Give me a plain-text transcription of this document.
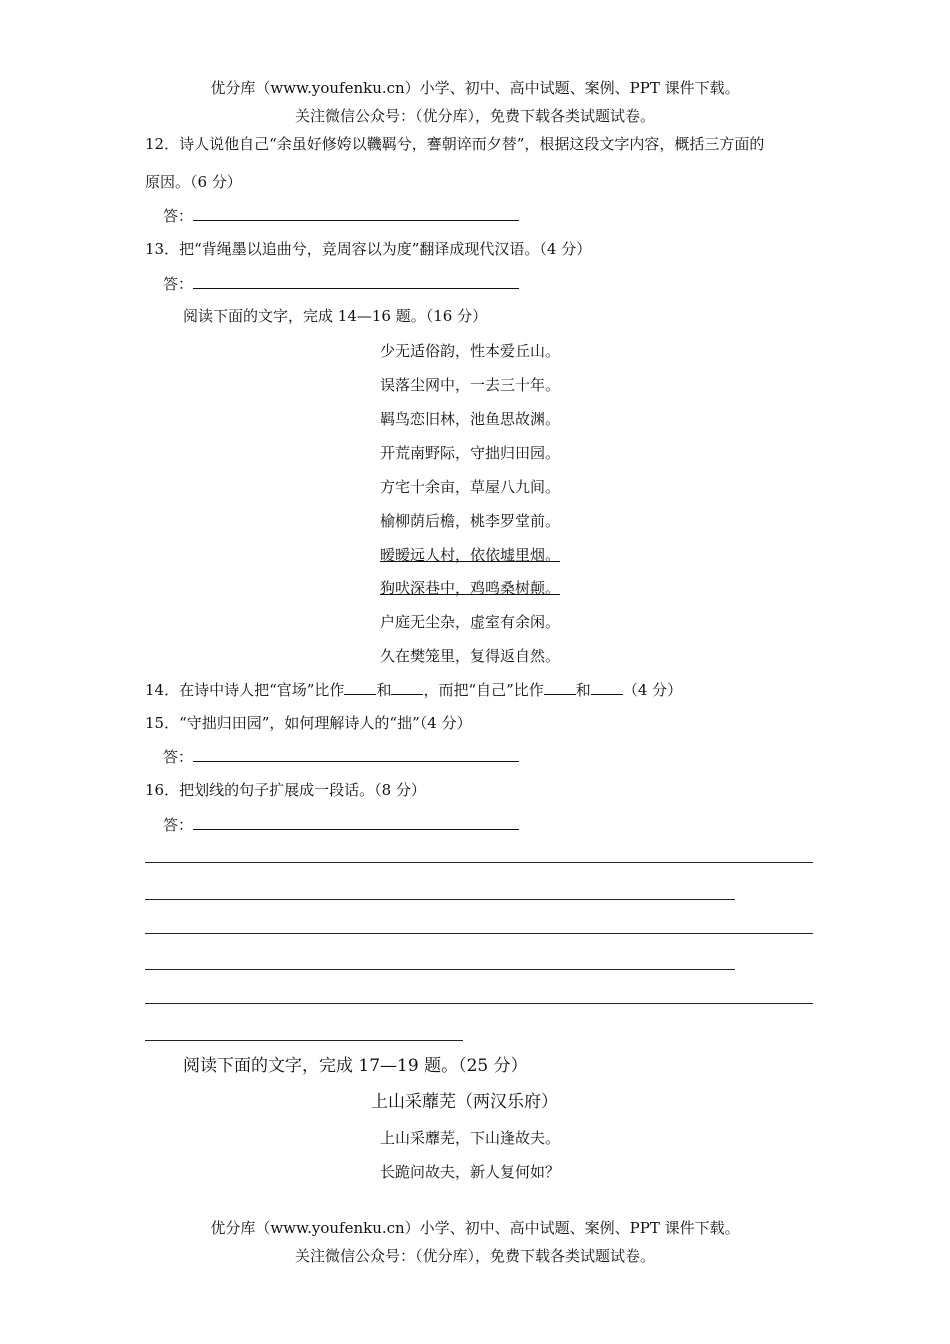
优分库（www.youfenku.cn）小学、初中、高中试题、案例、PPT 课件下载。
关注微信公众号：（优分库），免费下载各类试题试卷。
12．诗人说他自己“余虽好修姱以鞿羁兮，謇朝谇而夕替”，根据这段文字内容，概括三方面的
原因。（6 分）
答：
13．把“背绳墨以追曲兮，竞周容以为度”翻译成现代汉语。（4 分）
答：
阅读下面的文字，完成 14—16 题。（16 分）
少无适俗韵，性本爱丘山。
误落尘网中，一去三十年。
羁鸟恋旧林，池鱼思故渊。
开荒南野际，守拙归田园。
方宅十余亩，草屋八九间。
榆柳荫后檐，桃李罗堂前。
暧暧远人村，依依墟里烟。
狗吠深巷中，鸡鸣桑树颠。
户庭无尘杂，虚室有余闲。
久在樊笼里，复得返自然。
14．在诗中诗人把“官场”比作 和 ，而把“自己”比作 和 （4 分）
15．“守拙归田园”，如何理解诗人的“拙”（4 分）
答：
16．把划线的句子扩展成一段话。（8 分）
答：
阅读下面的文字，完成 17—19 题。（25 分）
上山采蘼芜（两汉乐府）
上山采蘼芜，下山逢故夫。
长跪问故夫，新人复何如？
优分库（www.youfenku.cn）小学、初中、高中试题、案例、PPT 课件下载。
关注微信公众号：（优分库），免费下载各类试题试卷。
